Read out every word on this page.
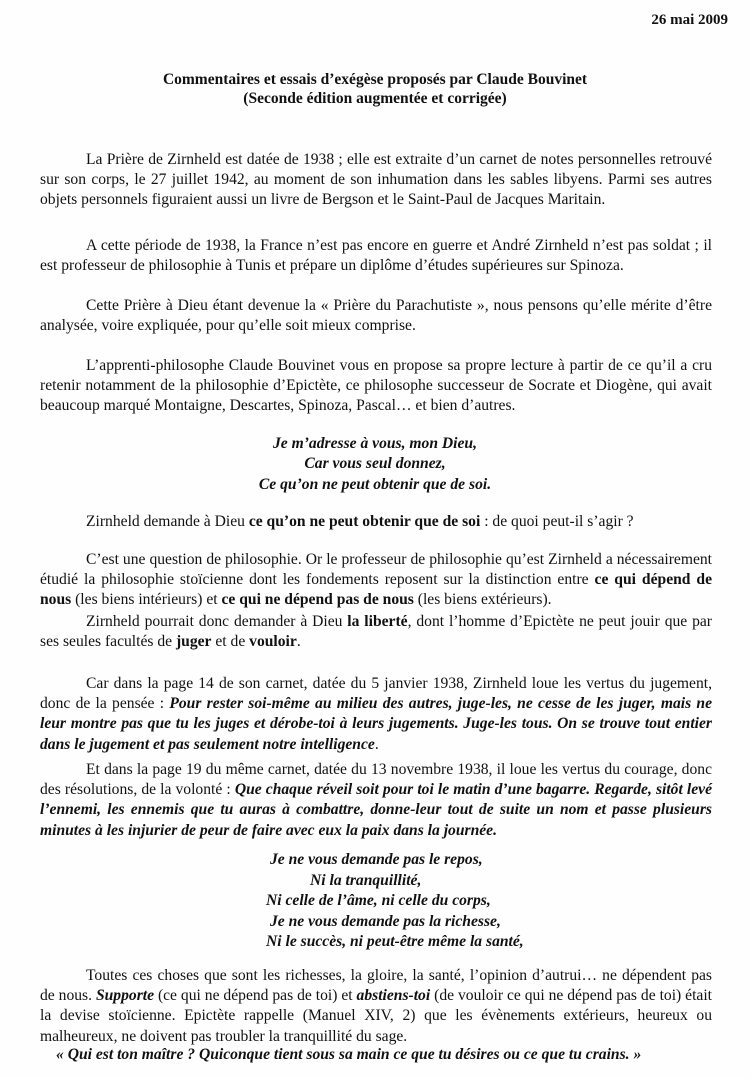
26 mai 2009
Commentaires et essais d’exégèse proposés par Claude Bouvinet
(Seconde édition augmentée et corrigée)
La Prière de Zirnheld est datée de 1938 ; elle est extraite d’un carnet de notes personnelles retrouvé sur son corps, le 27 juillet 1942, au moment de son inhumation dans les sables libyens. Parmi ses autres objets personnels figuraient aussi un livre de Bergson et le Saint-Paul de Jacques Maritain.
A cette période de 1938, la France n’est pas encore en guerre et André Zirnheld n’est pas soldat ; il est professeur de philosophie à Tunis et prépare un diplôme d’études supérieures sur Spinoza.
Cette Prière à Dieu étant devenue la « Prière du Parachutiste », nous pensons qu’elle mérite d’être analysée, voire expliquée, pour qu’elle soit mieux comprise.
L’apprenti-philosophe Claude Bouvinet vous en propose sa propre lecture à partir de ce qu’il a cru retenir notamment de la philosophie d’Epictète, ce philosophe successeur de Socrate et Diogène, qui avait beaucoup marqué Montaigne, Descartes, Spinoza, Pascal… et bien d’autres.
Je m’adresse à vous, mon Dieu,
Car vous seul donnez,
Ce qu’on ne peut obtenir que de soi.
Zirnheld demande à Dieu ce qu’on ne peut obtenir que de soi : de quoi peut-il s’agir ?
C’est une question de philosophie. Or le professeur de philosophie qu’est Zirnheld a nécessairement étudié la philosophie stoïcienne dont les fondements reposent sur la distinction entre ce qui dépend de nous (les biens intérieurs) et ce qui ne dépend pas de nous (les biens extérieurs).
Zirnheld pourrait donc demander à Dieu la liberté, dont l’homme d’Epictète ne peut jouir que par ses seules facultés de juger et de vouloir.
Car dans la page 14 de son carnet, datée du 5 janvier 1938, Zirnheld loue les vertus du jugement, donc de la pensée : Pour rester soi-même au milieu des autres, juge-les, ne cesse de les juger, mais ne leur montre pas que tu les juges et dérobe-toi à leurs jugements. Juge-les tous. On se trouve tout entier dans le jugement et pas seulement notre intelligence.
Et dans la page 19 du même carnet, datée du 13 novembre 1938, il loue les vertus du courage, donc des résolutions, de la volonté : Que chaque réveil soit pour toi le matin d’une bagarre. Regarde, sitôt levé l’ennemi, les ennemis que tu auras à combattre, donne-leur tout de suite un nom et passe plusieurs minutes à les injurier de peur de faire avec eux la paix dans la journée.
Je ne vous demande pas le repos,
Ni la tranquillité,
Ni celle de l’âme, ni celle du corps,
Je ne vous demande pas la richesse,
Ni le succès, ni peut-être même la santé,
Toutes ces choses que sont les richesses, la gloire, la santé, l’opinion d’autrui… ne dépendent pas de nous. Supporte (ce qui ne dépend pas de toi) et abstiens-toi (de vouloir ce qui ne dépend pas de toi) était la devise stoïcienne. Epictète rappelle (Manuel XIV, 2) que les évènements extérieurs, heureux ou malheureux, ne doivent pas troubler la tranquillité du sage.
« Qui est ton maître ? Quiconque tient sous sa main ce que tu désires ou ce que tu crains. »
